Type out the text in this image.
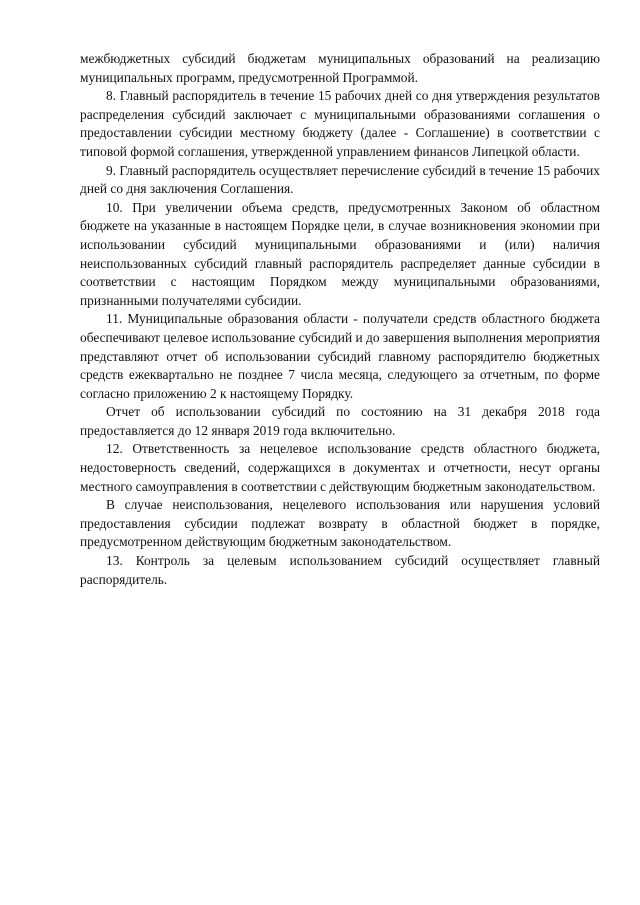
межбюджетных субсидий бюджетам муниципальных образований на реализацию муниципальных программ, предусмотренной Программой.

8. Главный распорядитель в течение 15 рабочих дней со дня утверждения результатов распределения субсидий заключает с муниципальными образованиями соглашения о предоставлении субсидии местному бюджету (далее - Соглашение) в соответствии с типовой формой соглашения, утвержденной управлением финансов Липецкой области.

9. Главный распорядитель осуществляет перечисление субсидий в течение 15 рабочих дней со дня заключения Соглашения.

10. При увеличении объема средств, предусмотренных Законом об областном бюджете на указанные в настоящем Порядке цели, в случае возникновения экономии при использовании субсидий муниципальными образованиями и (или) наличия неиспользованных субсидий главный распорядитель распределяет данные субсидии в соответствии с настоящим Порядком между муниципальными образованиями, признанными получателями субсидии.

11. Муниципальные образования области - получатели средств областного бюджета обеспечивают целевое использование субсидий и до завершения выполнения мероприятия представляют отчет об использовании субсидий главному распорядителю бюджетных средств ежеквартально не позднее 7 числа месяца, следующего за отчетным, по форме согласно приложению 2 к настоящему Порядку.

Отчет об использовании субсидий по состоянию на 31 декабря 2018 года предоставляется до 12 января 2019 года включительно.

12. Ответственность за нецелевое использование средств областного бюджета, недостоверность сведений, содержащихся в документах и отчетности, несут органы местного самоуправления в соответствии с действующим бюджетным законодательством.

В случае неиспользования, нецелевого использования или нарушения условий предоставления субсидии подлежат возврату в областной бюджет в порядке, предусмотренном действующим бюджетным законодательством.

13. Контроль за целевым использованием субсидий осуществляет главный распорядитель.
